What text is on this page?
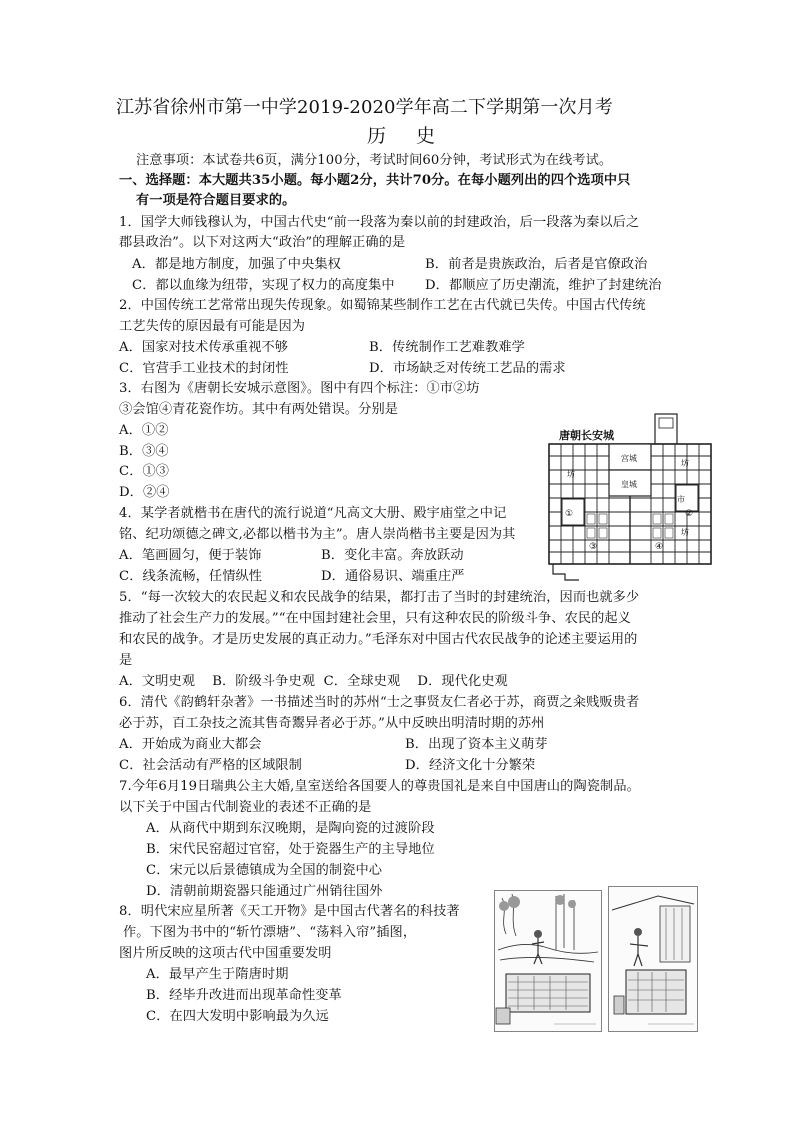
江苏省徐州市第一中学2019-2020学年高二下学期第一次月考
历 史
注意事项：本试卷共6页，满分100分，考试时间60分钟，考试形式为在线考试。
一、选择题：本大题共35小题。每小题2分，共计70分。在每小题列出的四个选项中只
有一项是符合题目要求的。
1．国学大师钱穆认为，中国古代史“前一段落为秦以前的封建政治，后一段落为秦以后之
郡县政治”。以下对这两大“政治”的理解正确的是
A．都是地方制度，加强了中央集权	B．前者是贵族政治，后者是官僚政治
C．都以血缘为纽带，实现了权力的高度集中 D．都顺应了历史潮流，维护了封建统治
2．中国传统工艺常常出现失传现象。如蜀锦某些制作工艺在古代就已失传。中国古代传统
工艺失传的原因最有可能是因为
A．国家对技术传承重视不够	B．传统制作工艺难教难学
C．官营手工业技术的封闭性	D．市场缺乏对传统工艺品的需求
3．右图为《唐朝长安城示意图》。图中有四个标注：①市②坊
③会馆④青花瓷作坊。其中有两处错误。分别是
A．①②
B．③④
C．①③
D．②④
唐朝长安城
宫城
皇城
坊
坊
坊
市
①	②
③	④
4．某学者就楷书在唐代的流行说道“凡高文大册、殿宇庙堂之中记
铭、纪功颂德之碑文,必都以楷书为主”。唐人崇尚楷书主要是因为其
A．笔画圆匀，便于装饰	B．变化丰富。奔放跃动
C．线条流畅，任情纵性	D．通俗易识、端重庄严
5．“每一次较大的农民起义和农民战争的结果，都打击了当时的封建统治，因而也就多少
推动了社会生产力的发展。”“在中国封建社会里，只有这种农民的阶级斗争、农民的起义
和农民的战争。才是历史发展的真正动力。”毛泽东对中国古代农民战争的论述主要运用的
是
A．文明史观    B．阶级斗争史观  C．全球史观    D．现代化史观
6．清代《韵鹤轩杂著》一书描述当时的苏州“士之事贤友仁者必于苏，商贾之籴贱贩贵者
必于苏，百工杂技之流其售奇鬻异者必于苏。”从中反映出明清时期的苏州
A．开始成为商业大都会	B．出现了资本主义萌芽
C．社会活动有严格的区域限制	D．经济文化十分繁荣
7.今年6月19日瑞典公主大婚,皇室送给各国要人的尊贵国礼是来自中国唐山的陶瓷制品。
以下关于中国古代制瓷业的表述不正确的是
A．从商代中期到东汉晚期，是陶向瓷的过渡阶段
B．宋代民窑超过官窑，处于瓷器生产的主导地位
C．宋元以后景德镇成为全国的制瓷中心
D．清朝前期瓷器只能通过广州销往国外
8．明代宋应星所著《天工开物》是中国古代著名的科技著
作。下图为书中的“斩竹漂塘”、“荡料入帘”插图，
图片所反映的这项古代中国重要发明
A．最早产生于隋唐时期
B．经毕升改进而出现革命性变革
C．在四大发明中影响最为久远
